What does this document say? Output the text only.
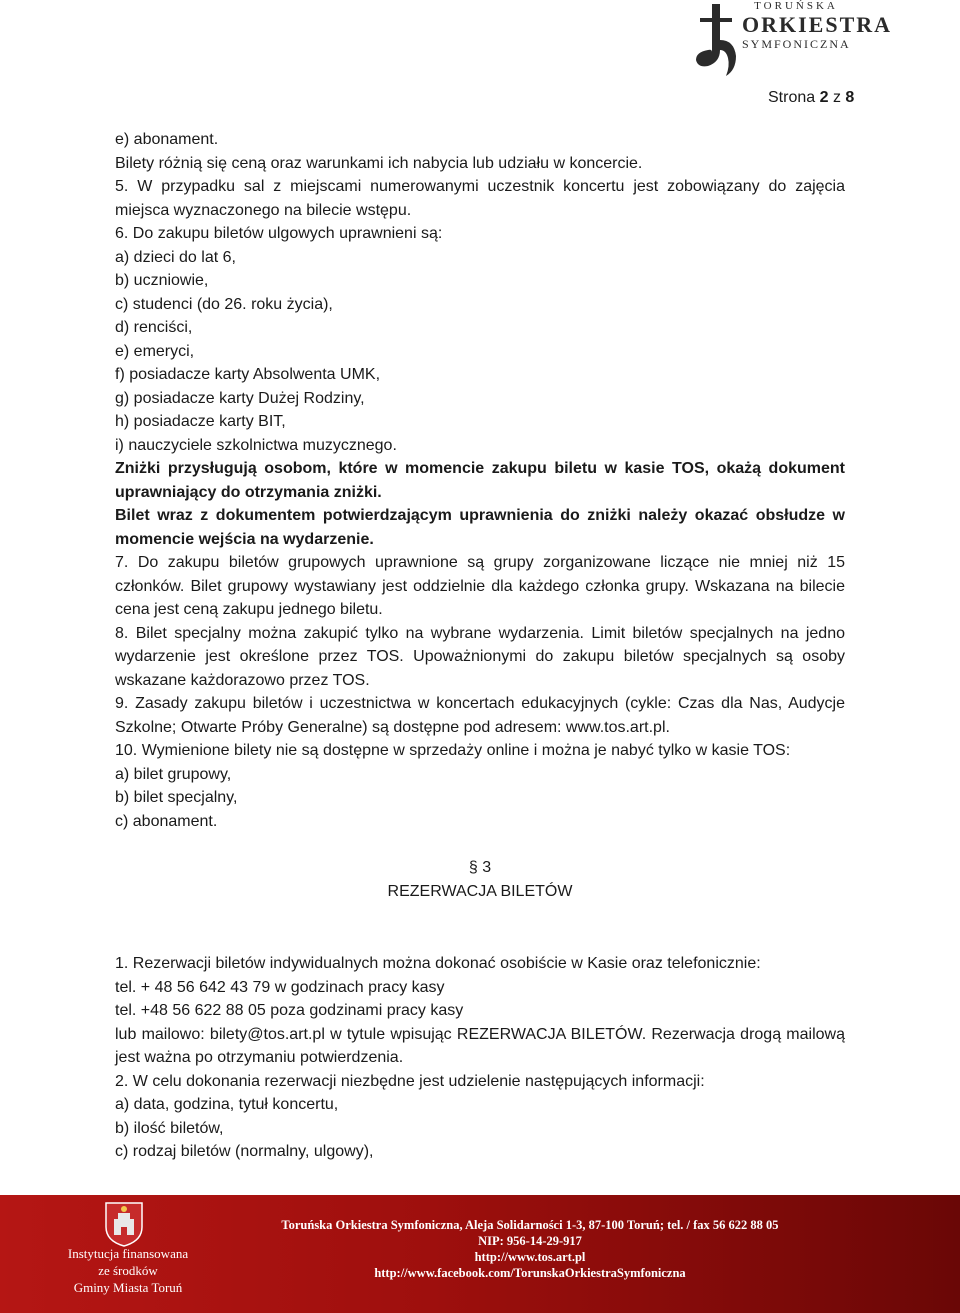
TORUŃSKA
ORKIESTRA
SYMFONICZNA
Strona 2 z 8

e) abonament.

Bilety różnią się ceną oraz warunkami ich nabycia lub udziału w koncercie.

5. W przypadku sal z miejscami numerowanymi uczestnik koncertu jest zobowiązany do zajęcia miejsca wyznaczonego na bilecie wstępu.

6. Do zakupu biletów ulgowych uprawnieni są:

a) dzieci do lat 6,

b) uczniowie,

c) studenci (do 26. roku życia),

d) renciści,

e) emeryci,

f) posiadacze karty Absolwenta UMK,

g) posiadacze karty Dużej Rodziny,

h) posiadacze karty BIT,

i) nauczyciele szkolnictwa muzycznego.

Zniżki przysługują osobom, które w momencie zakupu biletu w kasie TOS, okażą dokument uprawniający do otrzymania zniżki.

Bilet wraz z dokumentem potwierdzającym uprawnienia do zniżki należy okazać obsłudze w momencie wejścia na wydarzenie.

7. Do zakupu biletów grupowych uprawnione są grupy zorganizowane liczące nie mniej niż 15 członków. Bilet grupowy wystawiany jest oddzielnie dla każdego członka grupy. Wskazana na bilecie cena jest ceną zakupu jednego biletu.

8. Bilet specjalny można zakupić tylko na wybrane wydarzenia. Limit biletów specjalnych na jedno wydarzenie jest określone przez TOS. Upoważnionymi do zakupu biletów specjalnych są osoby wskazane każdorazowo przez TOS.

9. Zasady zakupu biletów i uczestnictwa w koncertach edukacyjnych (cykle: Czas dla Nas, Audycje Szkolne; Otwarte Próby Generalne) są dostępne pod adresem: www.tos.art.pl.

10. Wymienione bilety nie są dostępne w sprzedaży online i można je nabyć tylko w kasie TOS:

a) bilet grupowy,

b) bilet specjalny,

c) abonament.

§ 3

REZERWACJA BILETÓW

1. Rezerwacji biletów indywidualnych można dokonać osobiście w Kasie oraz telefonicznie:

tel. + 48 56 642 43 79 w godzinach pracy kasy

tel. +48 56 622 88 05 poza godzinami pracy kasy

lub mailowo: bilety@tos.art.pl w tytule wpisując REZERWACJA BILETÓW. Rezerwacja drogą mailową jest ważna po otrzymaniu potwierdzenia.

2. W celu dokonania rezerwacji niezbędne jest udzielenie następujących informacji:

a) data, godzina, tytuł koncertu,

b) ilość biletów,

c) rodzaj biletów (normalny, ulgowy),

Instytucja finansowana
ze środków
Gminy Miasta Toruń
Toruńska Orkiestra Symfoniczna, Aleja Solidarności 1-3, 87-100 Toruń; tel. / fax 56 622 88 05
NIP: 956-14-29-917
http://www.tos.art.pl
http://www.facebook.com/TorunskaOrkiestraSymfoniczna
